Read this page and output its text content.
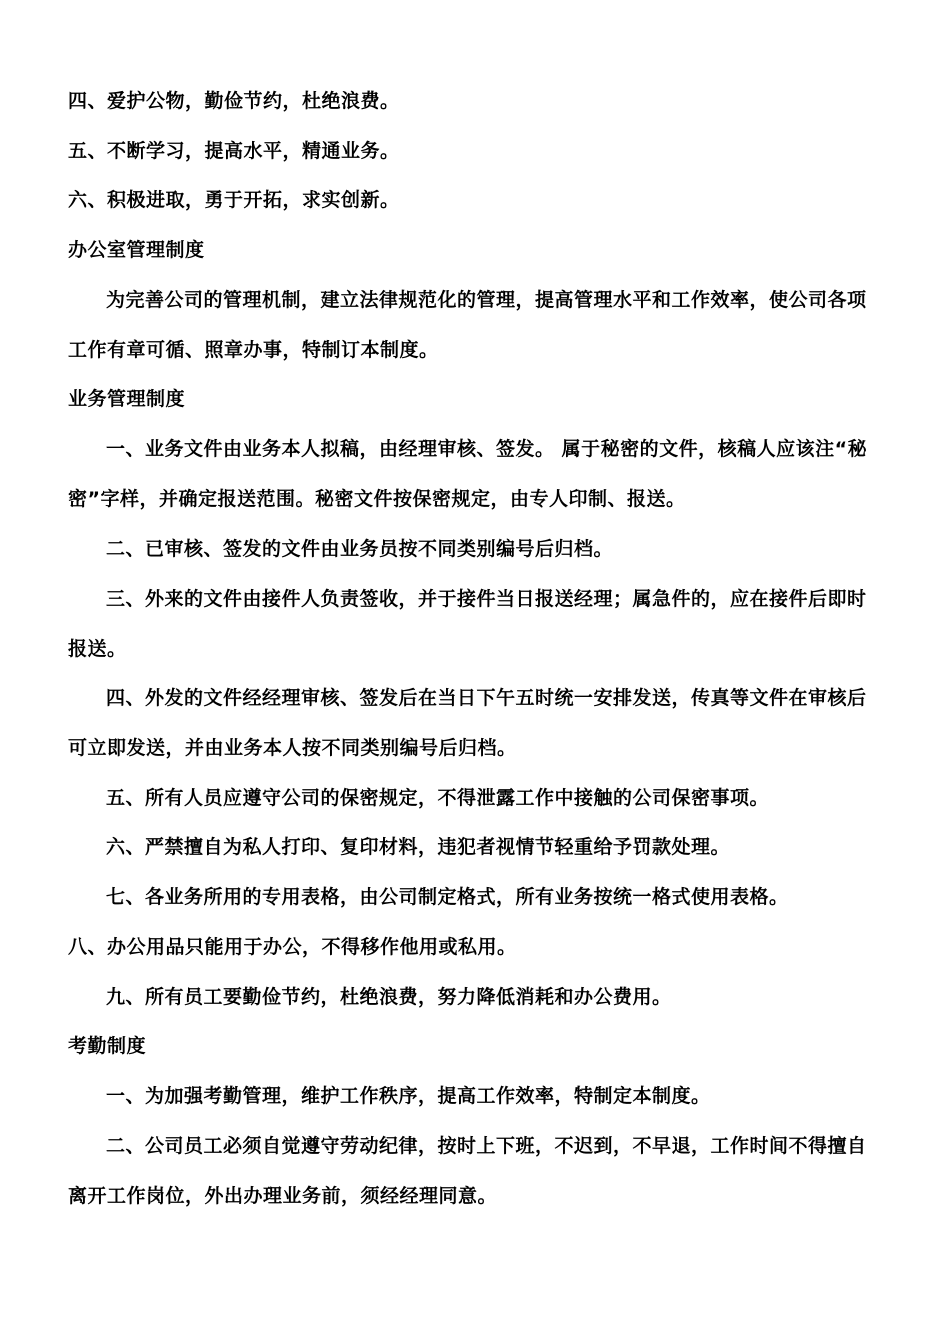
四、爱护公物，勤俭节约，杜绝浪费。
五、不断学习，提高水平，精通业务。
六、积极进取，勇于开拓，求实创新。
办公室管理制度
为完善公司的管理机制，建立法律规范化的管理，提高管理水平和工作效率，使公司各项工作有章可循、照章办事，特制订本制度。
业务管理制度
一、业务文件由业务本人拟稿，由经理审核、签发。 属于秘密的文件，核稿人应该注“秘密”字样，并确定报送范围。秘密文件按保密规定，由专人印制、报送。
二、已审核、签发的文件由业务员按不同类别编号后归档。
三、外来的文件由接件人负责签收，并于接件当日报送经理；属急件的，应在接件后即时报送。
四、外发的文件经经理审核、签发后在当日下午五时统一安排发送，传真等文件在审核后可立即发送，并由业务本人按不同类别编号后归档。
五、所有人员应遵守公司的保密规定，不得泄露工作中接触的公司保密事项。
六、严禁擅自为私人打印、复印材料，违犯者视情节轻重给予罚款处理。
七、各业务所用的专用表格，由公司制定格式，所有业务按统一格式使用表格。
八、办公用品只能用于办公，不得移作他用或私用。
九、所有员工要勤俭节约，杜绝浪费，努力降低消耗和办公费用。
考勤制度
一、为加强考勤管理，维护工作秩序，提高工作效率，特制定本制度。
二、公司员工必须自觉遵守劳动纪律，按时上下班，不迟到，不早退，工作时间不得擅自离开工作岗位，外出办理业务前，须经经理同意。
